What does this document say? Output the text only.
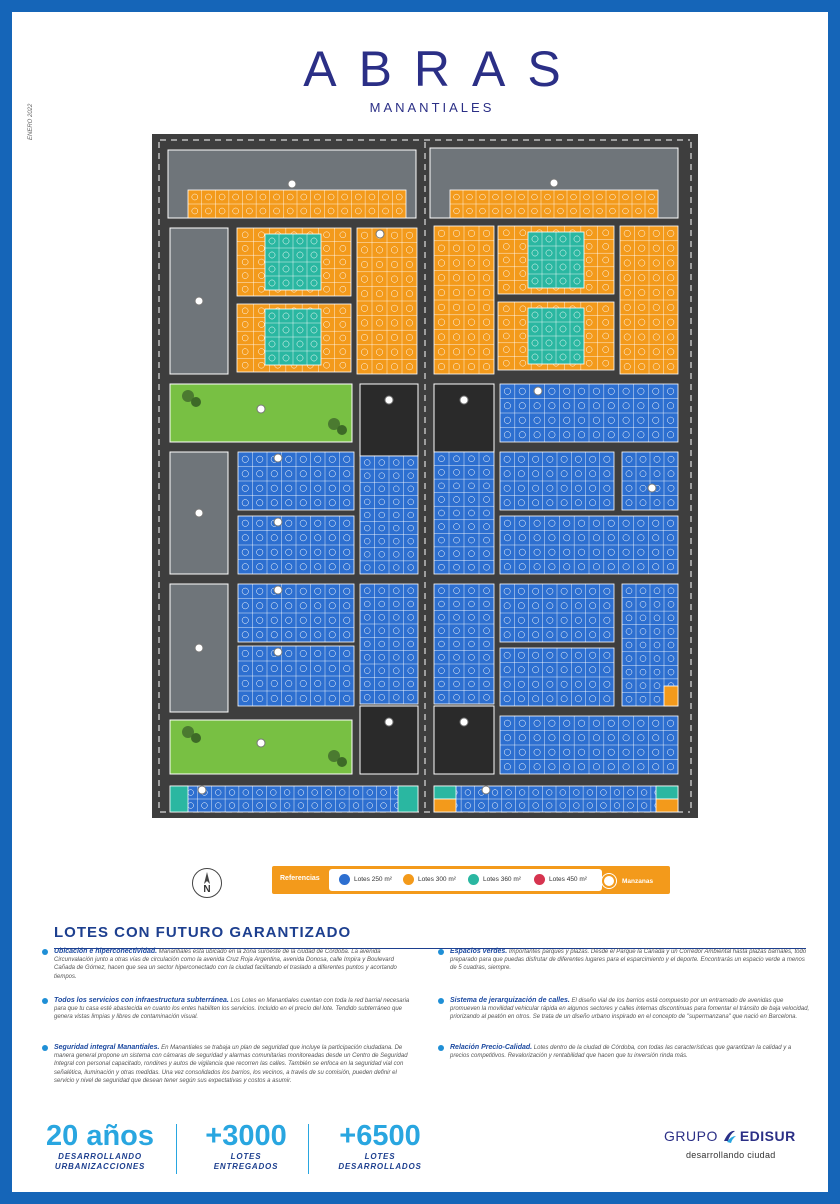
ABRAS
MANANTIALES
ENERO 2022
N
Referencias	Lotes 250 m²	Lotes 300 m²	Lotes 360 m²	Lotes 450 m²	Manzanas
LOTES CON FUTURO GARANTIZADO
Ubicación e hiperconectividad. Manantiales está ubicado en la zona suroeste de la ciudad de Córdoba. La avenida Circunvalación junto a otras vías de circulación como la avenida Cruz Roja Argentina, avenida Donosa, calle Impira y Boulevard Cañada de Gómez, hacen que sea un sector hiperconectado con la ciudad facilitando el traslado a diferentes puntos y acortando tiempos.
Todos los servicios con infraestructura subterránea. Los Lotes en Manantiales cuentan con toda la red barrial necesaria para que tu casa esté abastecida en cuanto los entes habiliten los servicios. Incluido en el precio del lote. Tendido subterráneo que genera vistas limpias y libres de contaminación visual.
Seguridad integral Manantiales. En Manantiales se trabaja un plan de seguridad que incluye la participación ciudadana. De manera general propone un sistema con cámaras de seguridad y alarmas comunitarias monitoreadas desde un Centro de Seguridad Integral con personal capacitado, rondines y autos de vigilancia que recorren las calles. También se enfoca en la seguridad vial con señalética, iluminación y otras medidas. Una vez consolidados los barrios, los vecinos, a través de su comisión, pueden definir el servicio y nivel de seguridad que desean tener según sus expectativas y costos a asumir.
Espacios verdes. Importantes parques y plazas. Desde el Parque la Cañada y un Corredor Ambiental hasta plazas barriales, todo preparado para que puedas disfrutar de diferentes lugares para el esparcimiento y el deporte. Encontrarás un espacio verde a menos de 5 cuadras, siempre.
Sistema de jerarquización de calles. El diseño vial de los barrios está compuesto por un entramado de avenidas que promueven la movilidad vehicular rápida en algunos sectores y calles internas discontinuas para fomentar el tránsito de baja velocidad, priorizando al peatón en otros. Se trata de un diseño urbano inspirado en el concepto de "supermanzana" que nació en Barcelona.
Relación Precio-Calidad. Lotes dentro de la ciudad de Córdoba, con todas las características que garantizan la calidad y a precios competitivos. Revalorización y rentabilidad que hacen que tu inversión rinda más.
20 años
DESARROLLANDO
URBANIZACCIONES
+3000
LOTES
ENTREGADOS
+6500
LOTES
DESARROLLADOS
GRUPO EDISUR
desarrollando ciudad
